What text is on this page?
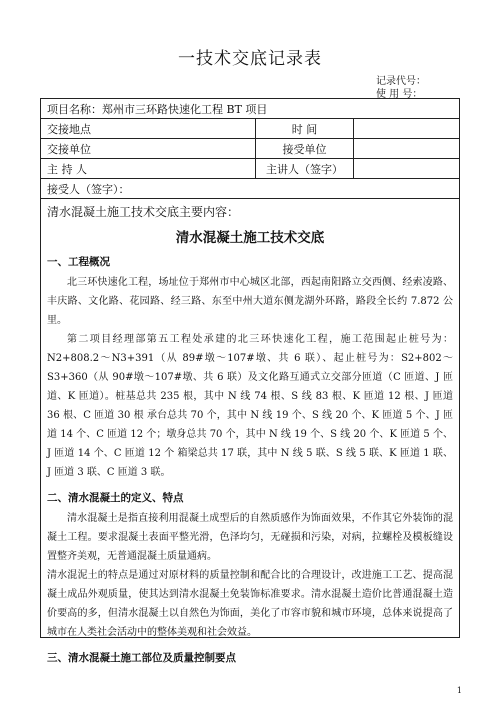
一技术交底记录表
记录代号：
使 用 号：
项目名称：郑州市三环路快速化工程 BT 项目
交接地点	时 间
交接单位	接受单位
主 持 人	主讲人（签字）
接受人（签字）：

清水混凝土施工技术交底主要内容：

清水混凝土施工技术交底
一、工程概况

北三环快速化工程，场址位于郑州市中心城区北部，西起南阳路立交西侧、经索凌路、丰庆路、文化路、花园路、经三路、东至中州大道东侧龙湖外环路，路段全长约 7.872 公里。

第二项目经理部第五工程处承建的北三环快速化工程，施工范围起止桩号为：N2+808.2～N3+391（从 89#墩～107#墩、共 6 联）、起止桩号为：S2+802～S3+360（从 90#墩～107#墩、共 6 联）及文化路互通式立交部分匝道（C 匝道、J 匝道、K 匝道）。桩基总共 235 根，其中 N 线 74 根、S 线 83 根、K 匝道 12 根、J 匝道 36 根、C 匝道 30 根 承台总共 70 个，其中 N 线 19 个、S 线 20 个、K 匝道 5 个、J 匝道 14 个、C 匝道 12 个；墩身总共 70 个，其中 N 线 19 个、S 线 20 个、K 匝道 5 个、J 匝道 14 个、C 匝道 12 个 箱梁总共 17 联，其中 N 线 5 联、S 线 5 联、K 匝道 1 联、J 匝道 3 联、C 匝道 3 联。

二、清水混凝土的定义、特点

清水混凝土是指直接利用混凝土成型后的自然质感作为饰面效果，不作其它外装饰的混凝土工程。要求混凝土表面平整光滑，色泽均匀，无碰损和污染，对病，拉螺栓及模板缝设置整齐美观，无普通混凝土质量通病。

清水混泥土的特点是通过对原材料的质量控制和配合比的合理设计，改进施工工艺、提高混凝土成品外观质量，使其达到清水混凝土免装饰标准要求。清水混凝土造价比普通混凝土造价要高的多，但清水混凝土以自然色为饰面，美化了市容市貌和城市环境，总体来说提高了城市在人类社会活动中的整体美观和社会效益。

三、清水混凝土施工部位及质量控制要点
1
